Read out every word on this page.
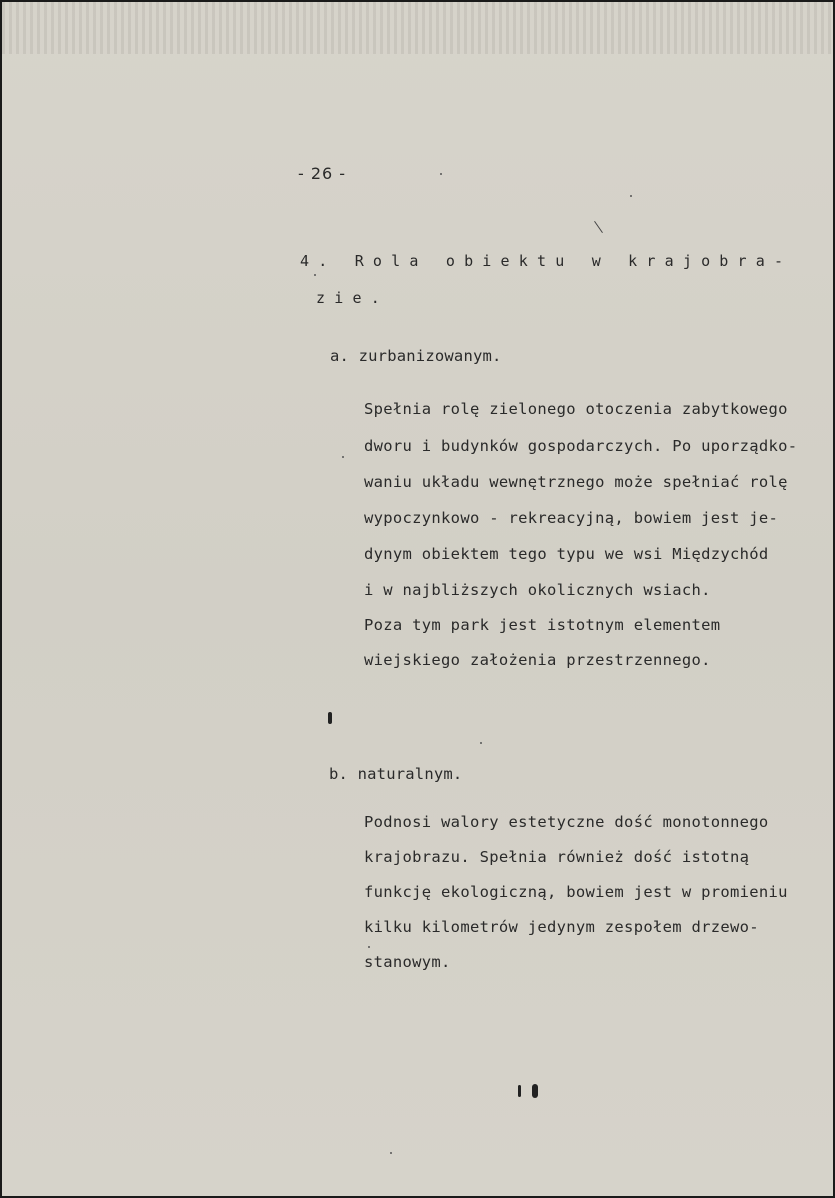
- 26 -
4. Rola obiektu w krajobra-
zie.
a. zurbanizowanym.
Spełnia rolę zielonego otoczenia zabytkowego
dworu i budynków gospodarczych. Po uporządko-
waniu układu wewnętrznego może spełniać rolę
wypoczynkowo - rekreacyjną, bowiem jest je-
dynym obiektem tego typu we wsi Międzychód
i w najbliższych okolicznych wsiach.
Poza tym park jest istotnym elementem
wiejskiego założenia przestrzennego.
b. naturalnym.
Podnosi walory estetyczne dość monotonnego
krajobrazu. Spełnia również dość istotną
funkcję ekologiczną, bowiem jest w promieniu
kilku kilometrów jedynym zespołem drzewo-
stanowym.
